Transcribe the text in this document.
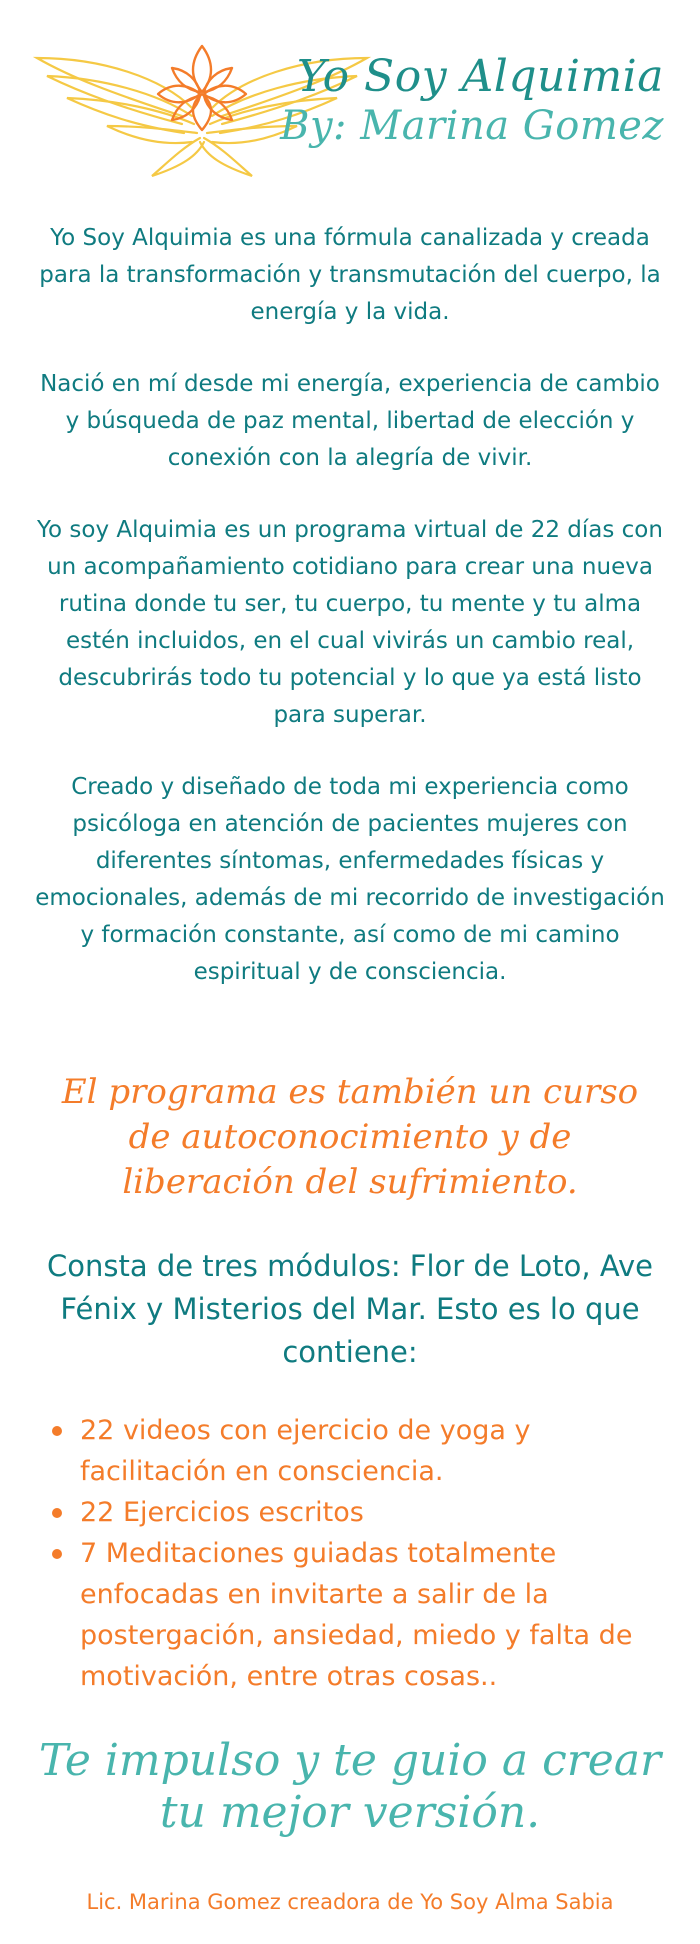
Yo Soy Alquimia
By: Marina Gomez

Yo Soy Alquimia es una fórmula canalizada y creada para la transformación y transmutación del cuerpo, la energía y la vida.

Nació en mí desde mi energía, experiencia de cambio y búsqueda de paz mental, libertad de elección y conexión con la alegría de vivir.

Yo soy Alquimia es un programa virtual de 22 días con un acompañamiento cotidiano para crear una nueva rutina donde tu ser, tu cuerpo, tu mente y tu alma estén incluidos, en el cual vivirás un cambio real, descubrirás todo tu potencial y lo que ya está listo para superar.

Creado y diseñado de toda mi experiencia como psicóloga en atención de pacientes mujeres con diferentes síntomas, enfermedades físicas y emocionales, además de mi recorrido de investigación y formación constante, así como de mi camino espiritual y de consciencia.

El programa es también un curso de autoconocimiento y de liberación del sufrimiento.
Consta de tres módulos: Flor de Loto, Ave Fénix y Misterios del Mar. Esto es lo que contiene:
22 videos con ejercicio de yoga y facilitación en consciencia.
22 Ejercicios escritos
7 Meditaciones guiadas totalmente enfocadas en invitarte a salir de la postergación, ansiedad, miedo y falta de motivación, entre otras cosas..
Te impulso y te guio a crear tu mejor versión.
Lic. Marina Gomez creadora de Yo Soy Alma Sabia
